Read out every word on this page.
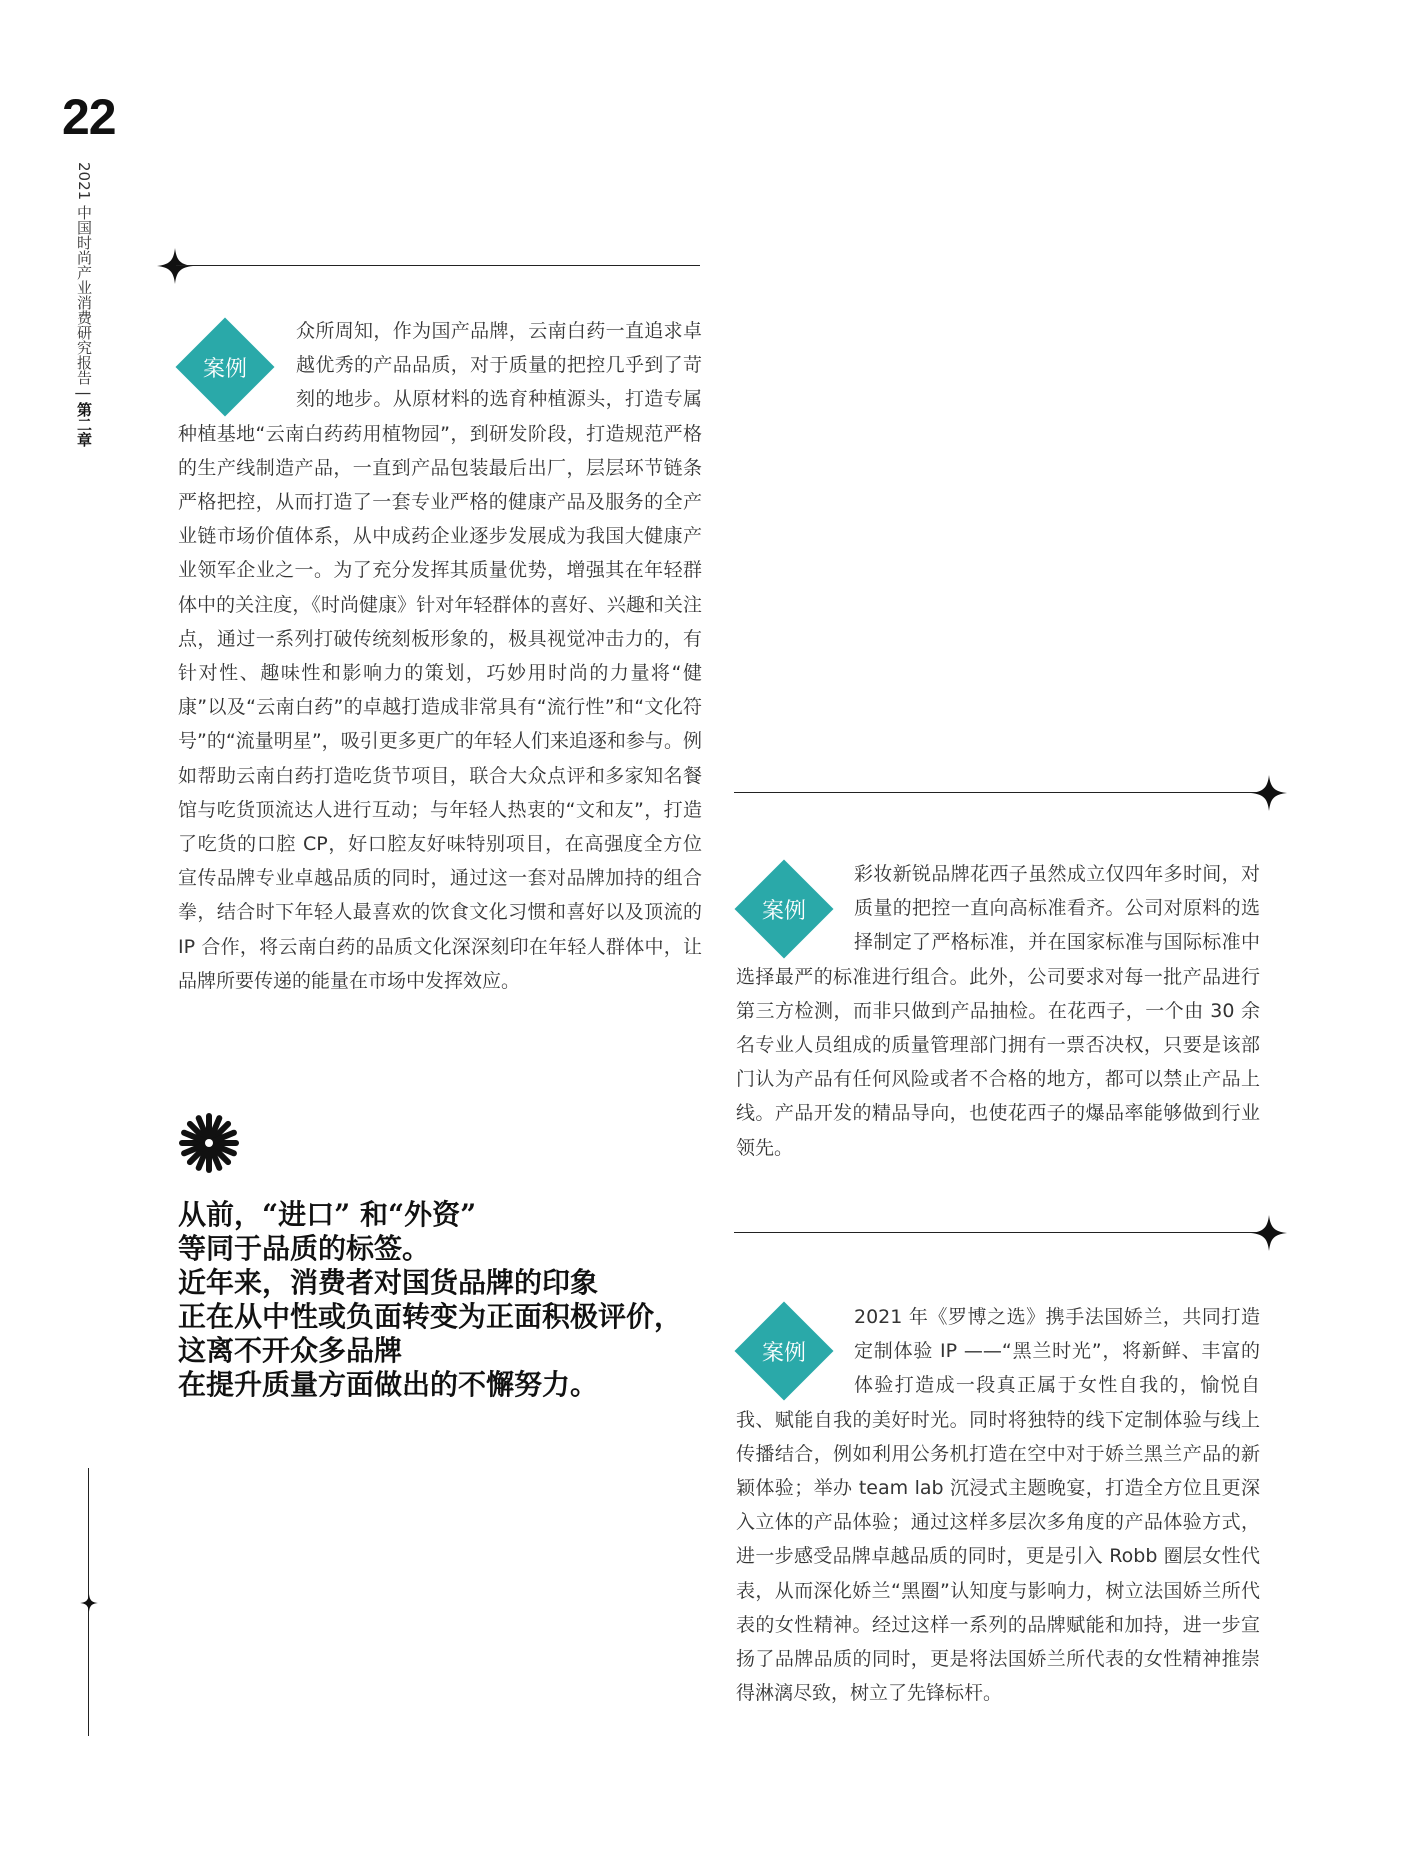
22
2021 中国时尚产业消费研究报告|第二章
案例
众所周知，作为国产品牌，云南白药一直追求卓越优秀的产品品质，对于质量的把控几乎到了苛刻的地步。从原材料的选育种植源头，打造专属种植基地“云南白药药用植物园”，到研发阶段，打造规范严格的生产线制造产品，一直到产品包装最后出厂，层层环节链条严格把控，从而打造了一套专业严格的健康产品及服务的全产业链市场价值体系，从中成药企业逐步发展成为我国大健康产业领军企业之一。为了充分发挥其质量优势，增强其在年轻群体中的关注度，《时尚健康》针对年轻群体的喜好、兴趣和关注点，通过一系列打破传统刻板形象的，极具视觉冲击力的，有针对性、趣味性和影响力的策划，巧妙用时尚的力量将“健康”以及“云南白药”的卓越打造成非常具有“流行性”和“文化符号”的“流量明星”，吸引更多更广的年轻人们来追逐和参与。例如帮助云南白药打造吃货节项目，联合大众点评和多家知名餐馆与吃货顶流达人进行互动；与年轻人热衷的“文和友”，打造了吃货的口腔 CP，好口腔友好味特别项目，在高强度全方位宣传品牌专业卓越品质的同时，通过这一套对品牌加持的组合拳，结合时下年轻人最喜欢的饮食文化习惯和喜好以及顶流的 IP 合作，将云南白药的品质文化深深刻印在年轻人群体中，让品牌所要传递的能量在市场中发挥效应。
从前，“进口” 和“外资”
等同于品质的标签。
近年来，消费者对国货品牌的印象
正在从中性或负面转变为正面积极评价，
这离不开众多品牌
在提升质量方面做出的不懈努力。
案例
彩妆新锐品牌花西子虽然成立仅四年多时间，对质量的把控一直向高标准看齐。公司对原料的选择制定了严格标准，并在国家标准与国际标准中选择最严的标准进行组合。此外，公司要求对每一批产品进行第三方检测，而非只做到产品抽检。在花西子，一个由 30 余名专业人员组成的质量管理部门拥有一票否决权，只要是该部门认为产品有任何风险或者不合格的地方，都可以禁止产品上线。产品开发的精品导向，也使花西子的爆品率能够做到行业领先。
案例
2021 年《罗博之选》携手法国娇兰，共同打造定制体验 IP ——“黑兰时光”，将新鲜、丰富的体验打造成一段真正属于女性自我的，愉悦自我、赋能自我的美好时光。同时将独特的线下定制体验与线上传播结合，例如利用公务机打造在空中对于娇兰黑兰产品的新颖体验；举办 team lab 沉浸式主题晚宴，打造全方位且更深入立体的产品体验；通过这样多层次多角度的产品体验方式，进一步感受品牌卓越品质的同时，更是引入 Robb 圈层女性代表，从而深化娇兰“黑圈”认知度与影响力，树立法国娇兰所代表的女性精神。经过这样一系列的品牌赋能和加持，进一步宣扬了品牌品质的同时，更是将法国娇兰所代表的女性精神推崇得淋漓尽致，树立了先锋标杆。
